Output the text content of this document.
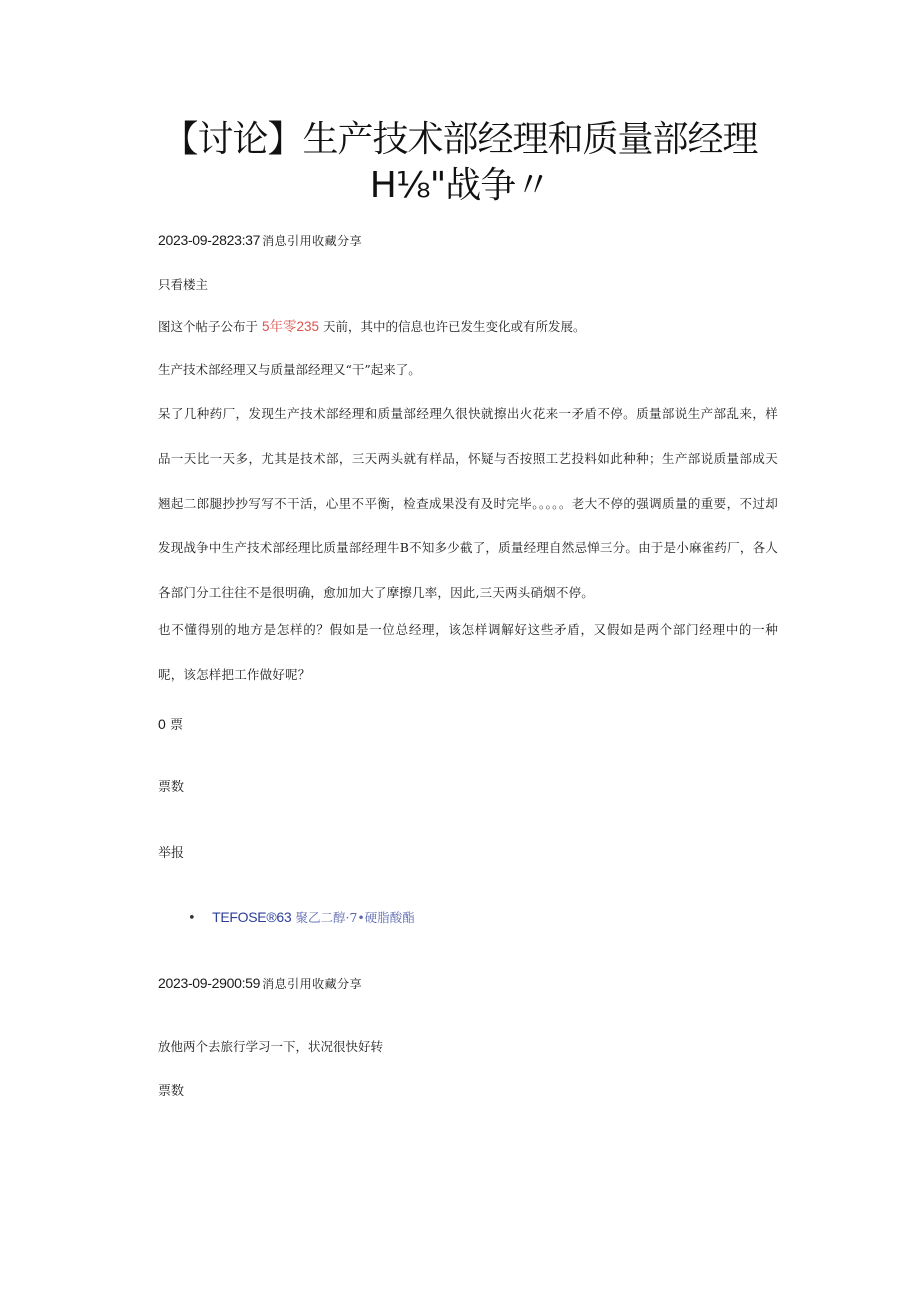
【讨论】生产技术部经理和质量部经理
H⅛"战争〃
2023-09-2823:37 消息引用收藏分享
只看楼主
图这个帖子公布于 5年零235 天前，其中的信息也许已发生变化或有所发展。
生产技术部经理又与质量部经理又“干”起来了。

呆了几种药厂，发现生产技术部经理和质量部经理久很快就擦出火花来一矛盾不停。质量部说生产部乱来，样品一天比一天多，尤其是技术部，三天两头就有样品，怀疑与否按照工艺投料如此种种；生产部说质量部成天翘起二郎腿抄抄写写不干活，心里不平衡，检查成果没有及时完毕。。。。。老大不停的强调质量的重要，不过却发现战争中生产技术部经理比质量部经理牛B不知多少截了，质量经理自然忌惮三分。由于是小麻雀药厂，各人各部门分工往往不是很明确，愈加加大了摩擦几率，因此,三天两头硝烟不停。

也不懂得别的地方是怎样的？假如是一位总经理，该怎样调解好这些矛盾，又假如是两个部门经理中的一种呢，该怎样把工作做好呢？

0 票
票数
举报
• TEFOSE®63 聚乙二醇·7•硬脂酸酯
2023-09-2900:59 消息引用收藏分享
放他两个去旅行学习一下，状况很快好转
票数
